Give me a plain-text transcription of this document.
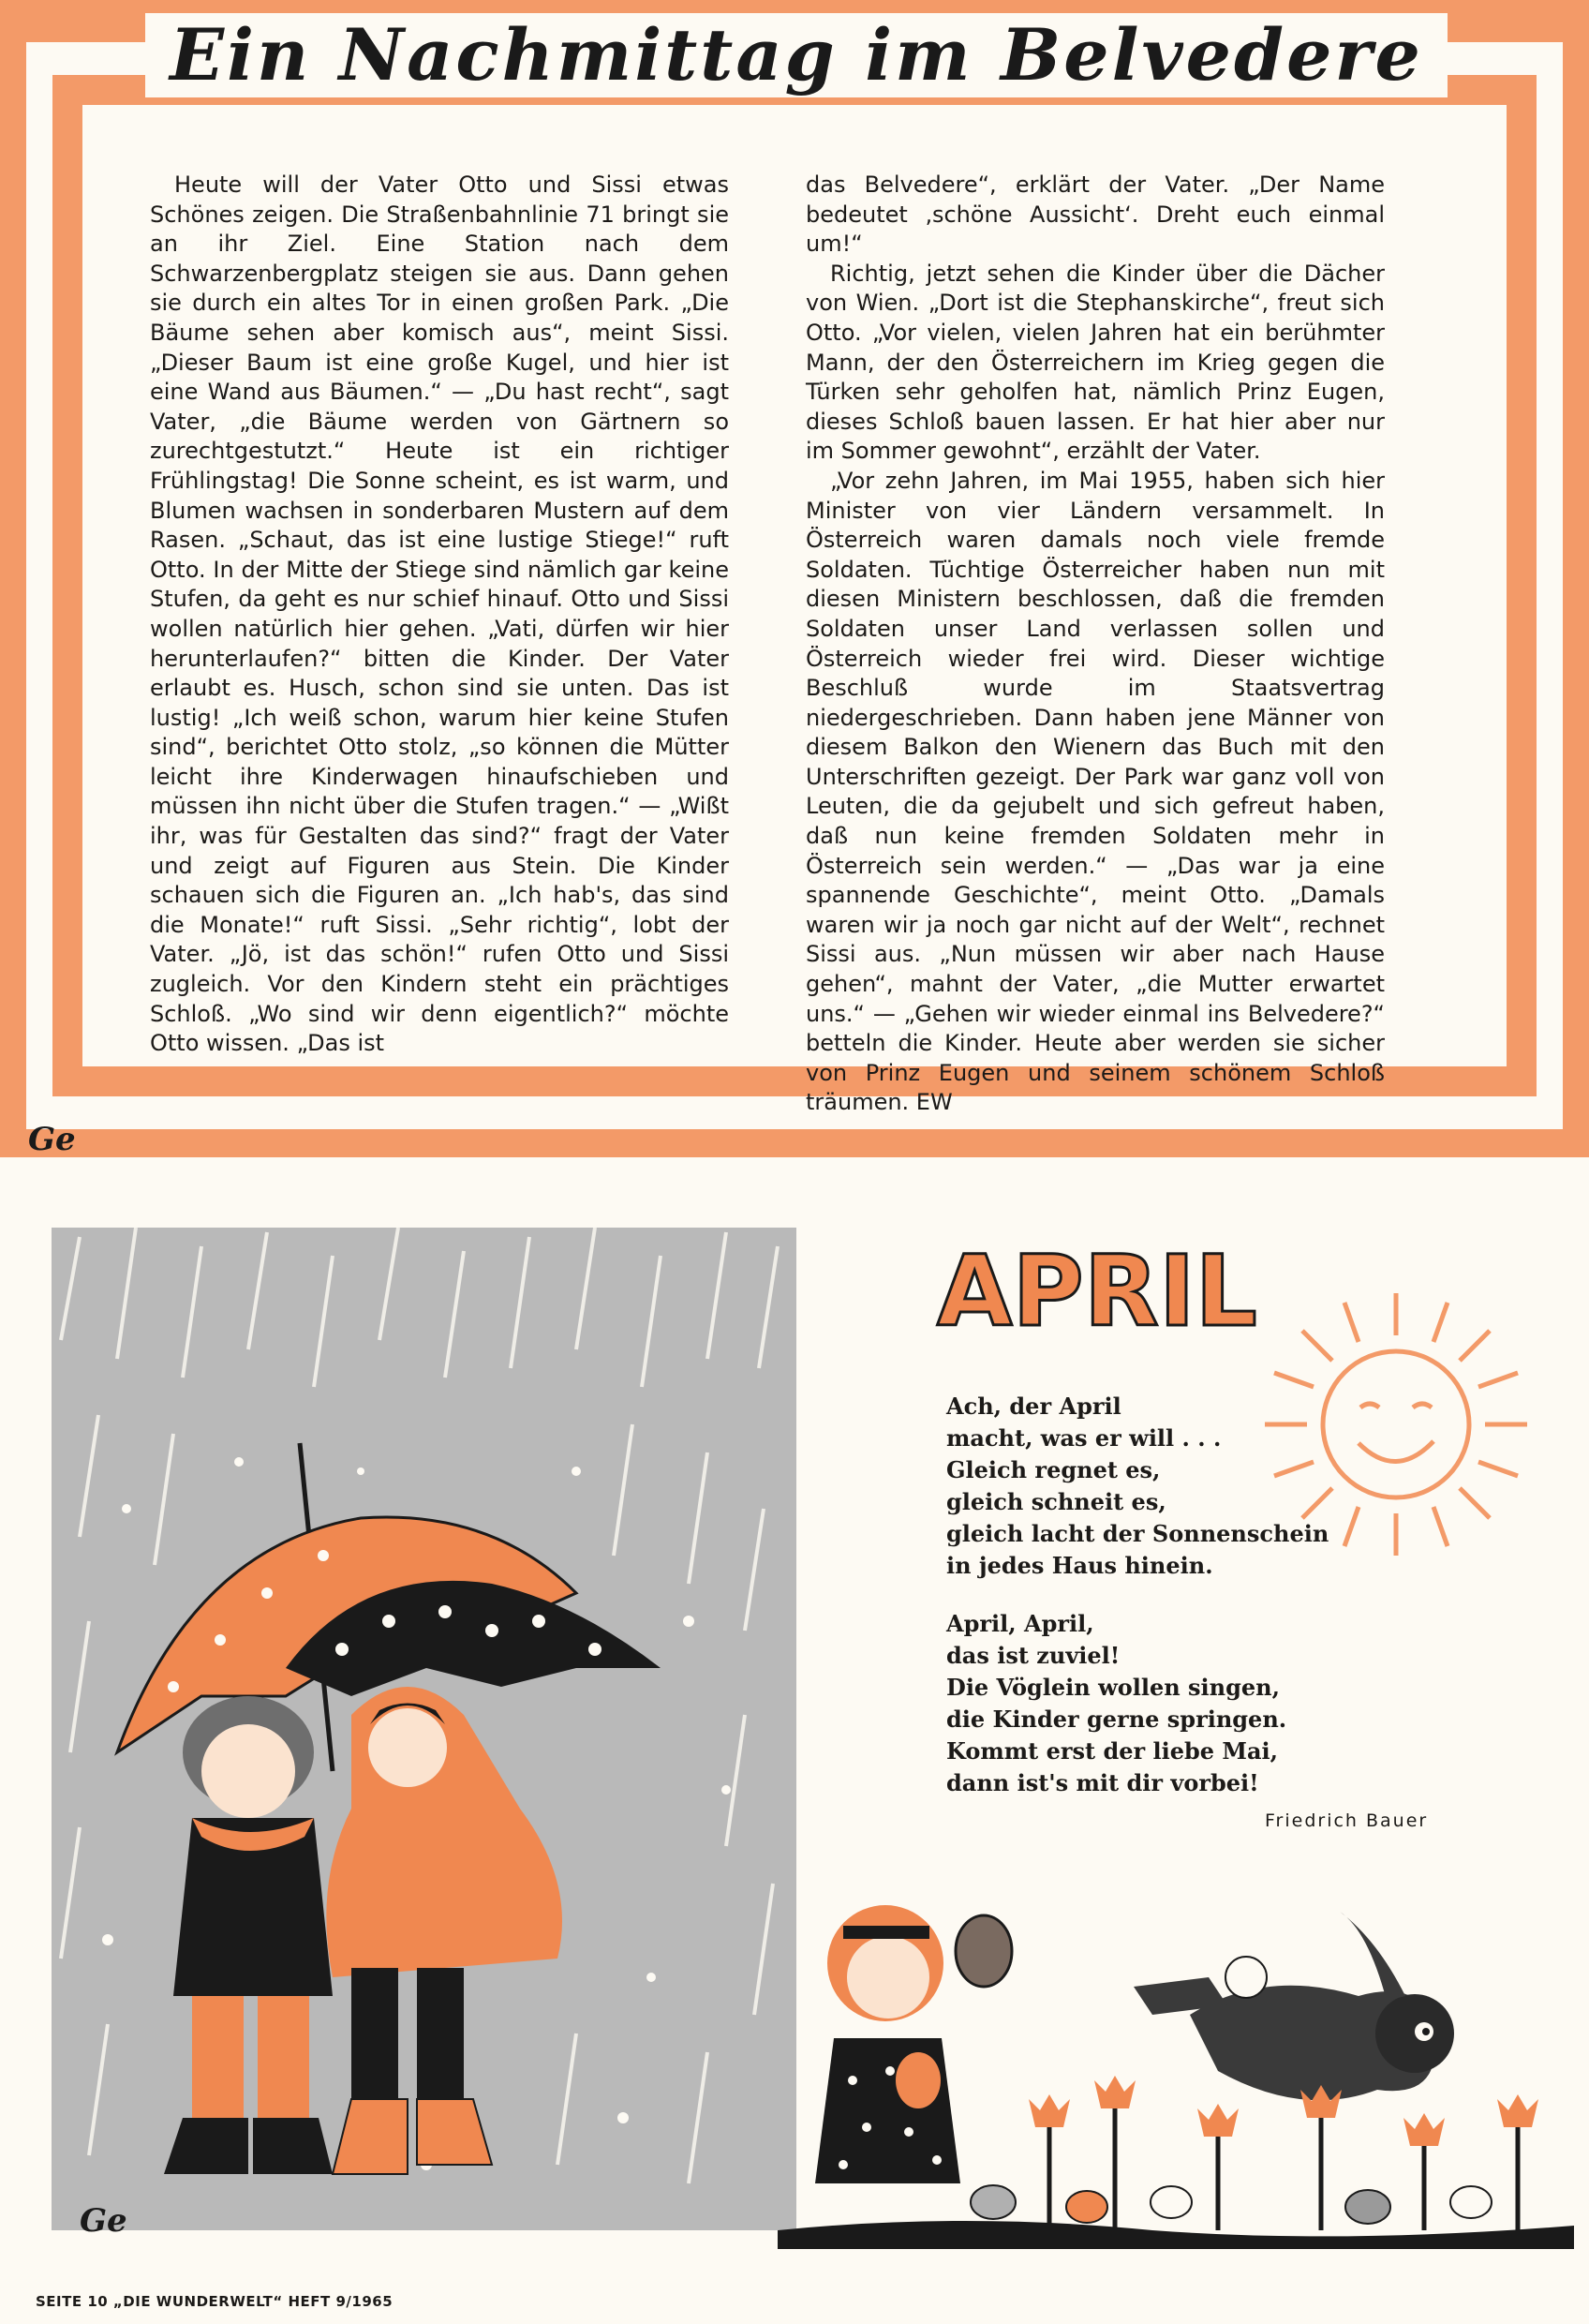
Ein Nachmittag im Belvedere

Heute will der Vater Otto und Sissi etwas Schönes zeigen. Die Straßenbahnlinie 71 bringt sie an ihr Ziel. Eine Station nach dem Schwarzenbergplatz steigen sie aus. Dann gehen sie durch ein altes Tor in einen großen Park. „Die Bäume sehen aber komisch aus“, meint Sissi. „Dieser Baum ist eine große Kugel, und hier ist eine Wand aus Bäumen.“ — „Du hast recht“, sagt Vater, „die Bäume werden von Gärtnern so zurechtgestutzt.“ Heute ist ein richtiger Frühlingstag! Die Sonne scheint, es ist warm, und Blumen wachsen in sonderbaren Mustern auf dem Rasen. „Schaut, das ist eine lustige Stiege!“ ruft Otto. In der Mitte der Stiege sind nämlich gar keine Stufen, da geht es nur schief hinauf. Otto und Sissi wollen natürlich hier gehen. „Vati, dürfen wir hier herunterlaufen?“ bitten die Kinder. Der Vater erlaubt es. Husch, schon sind sie unten. Das ist lustig! „Ich weiß schon, warum hier keine Stufen sind“, berichtet Otto stolz, „so können die Mütter leicht ihre Kinderwagen hinaufschieben und müssen ihn nicht über die Stufen tragen.“ — „Wißt ihr, was für Gestalten das sind?“ fragt der Vater und zeigt auf Figuren aus Stein. Die Kinder schauen sich die Figuren an. „Ich hab's, das sind die Monate!“ ruft Sissi. „Sehr richtig“, lobt der Vater. „Jö, ist das schön!“ rufen Otto und Sissi zugleich. Vor den Kindern steht ein prächtiges Schloß. „Wo sind wir denn eigentlich?“ möchte Otto wissen. „Das ist

das Belvedere“, erklärt der Vater. „Der Name bedeutet ‚schöne Aussicht‘. Dreht euch einmal um!“

Richtig, jetzt sehen die Kinder über die Dächer von Wien. „Dort ist die Stephanskirche“, freut sich Otto. „Vor vielen, vielen Jahren hat ein berühmter Mann, der den Österreichern im Krieg gegen die Türken sehr geholfen hat, nämlich Prinz Eugen, dieses Schloß bauen lassen. Er hat hier aber nur im Sommer gewohnt“, erzählt der Vater.

„Vor zehn Jahren, im Mai 1955, haben sich hier Minister von vier Ländern versammelt. In Österreich waren damals noch viele fremde Soldaten. Tüchtige Österreicher haben nun mit diesen Ministern beschlossen, daß die fremden Soldaten unser Land verlassen sollen und Österreich wieder frei wird. Dieser wichtige Beschluß wurde im Staatsvertrag niedergeschrieben. Dann haben jene Männer von diesem Balkon den Wienern das Buch mit den Unterschriften gezeigt. Der Park war ganz voll von Leuten, die da gejubelt und sich gefreut haben, daß nun keine fremden Soldaten mehr in Österreich sein werden.“ — „Das war ja eine spannende Geschichte“, meint Otto. „Damals waren wir ja noch gar nicht auf der Welt“, rechnet Sissi aus. „Nun müssen wir aber nach Hause gehen“, mahnt der Vater, „die Mutter erwartet uns.“ — „Gehen wir wieder einmal ins Belvedere?“ betteln die Kinder. Heute aber werden sie sicher von Prinz Eugen und seinem schönem Schloß träumen. EW

Ge
Ge
A P R I L
Ach, der April
macht, was er will . . .
Gleich regnet es,
gleich schneit es,
gleich lacht der Sonnenschein
in jedes Haus hinein.
April, April,
das ist zuviel!
Die Vöglein wollen singen,
die Kinder gerne springen.
Kommt erst der liebe Mai,
dann ist's mit dir vorbei!
Friedrich Bauer
SEITE 10 „DIE WUNDERWELT“ HEFT 9/1965
